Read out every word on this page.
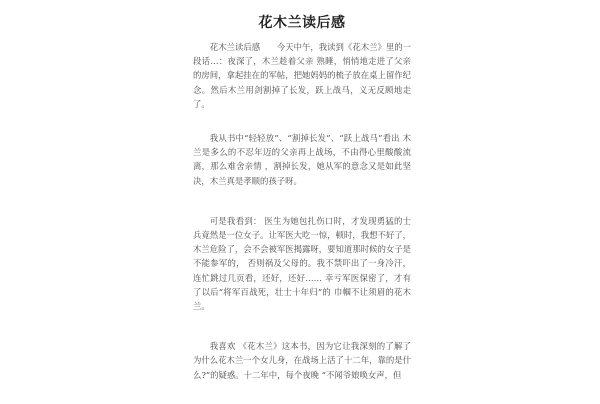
花木兰读后感

花木兰读后感　　今天中午，我读到《花木兰》里的一段话…：夜深了，木兰趁着父亲 熟睡，悄悄地走进了父亲的房间，拿起挂在的军帖，把她妈妈的梳子放在桌上留作纪念。然后木兰用剑割掉了长发，跃上战马，义无反顾地走了。

我从书中“轻轻放”、“割掉长发”、“跃上战马”看出 木兰是多么的不忍年迈的父亲再上战场，不由得心里酸酸流离，那么难舍亲情 ，割掉长发，她从军的意念又是如此坚决，木兰真是孝顺的孩子呀。

可是我看到： 医生为她包扎伤口时，才发现勇猛的士兵竟然是一位女子。让军医大吃一惊，顿时，我想不好了，木兰危险了，会不会被军医揭露呀，要知道那时候的女子是不能参军的， 否则祸及父母的。我不禁吓出了一身冷汗，连忙跳过几页看，还好，还好…… 幸亏军医保密了，才有了以后“将军百战死，壮士十年归”的 巾帼不让须眉的花木兰。

我喜欢 《花木兰》这本书，因为它让我深刻的了解了为什么花木兰一个女儿身，在战场上活了十二年，靠的是什么?”的疑惑。十二年中，每个夜晚 “不闻爷娘唤女声，但
